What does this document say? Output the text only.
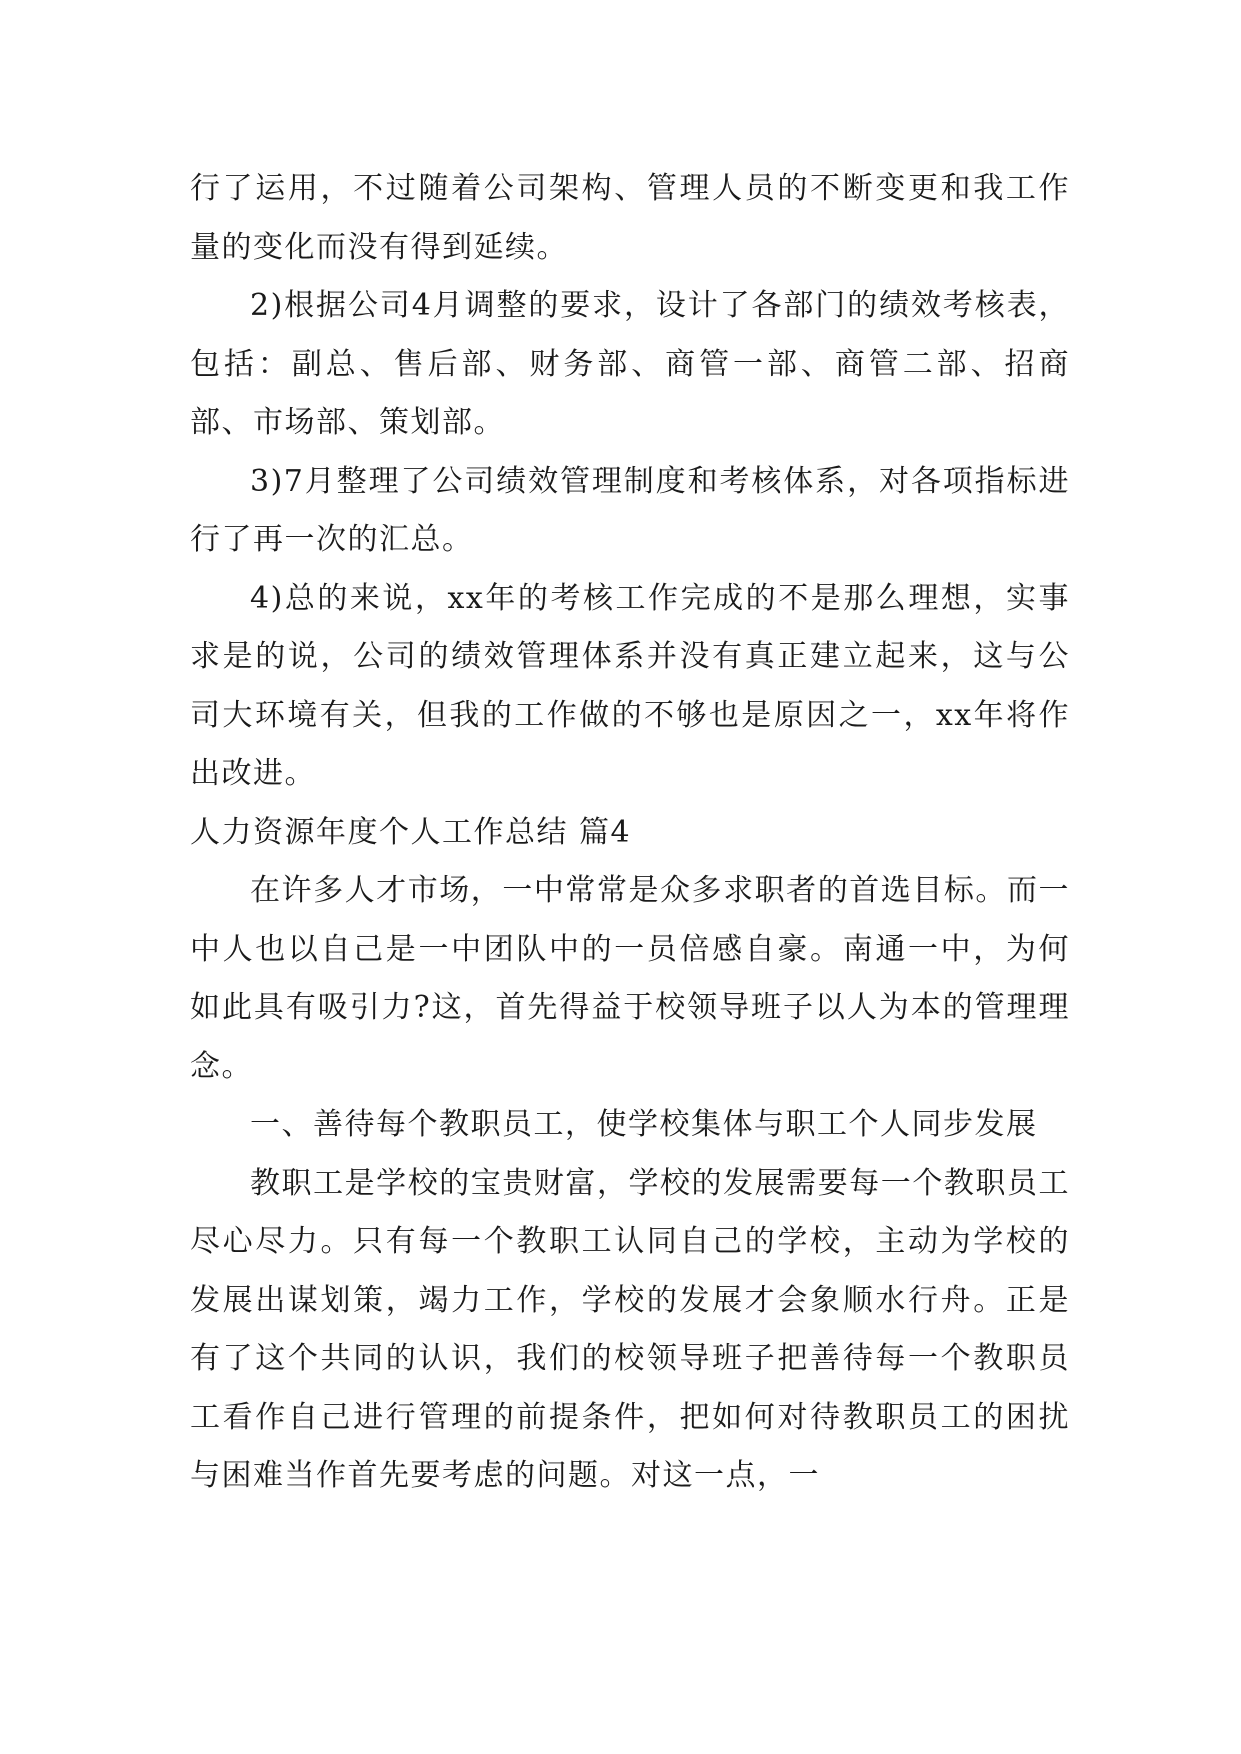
行了运用，不过随着公司架构、管理人员的不断变更和我工作量的变化而没有得到延续。

2)根据公司4月调整的要求，设计了各部门的绩效考核表，包括：副总、售后部、财务部、商管一部、商管二部、招商部、市场部、策划部。

3)7月整理了公司绩效管理制度和考核体系，对各项指标进行了再一次的汇总。

4)总的来说，xx年的考核工作完成的不是那么理想，实事求是的说，公司的绩效管理体系并没有真正建立起来，这与公司大环境有关，但我的工作做的不够也是原因之一，xx年将作出改进。

人力资源年度个人工作总结 篇4

在许多人才市场，一中常常是众多求职者的首选目标。而一中人也以自己是一中团队中的一员倍感自豪。南通一中，为何如此具有吸引力?这，首先得益于校领导班子以人为本的管理理念。

一、善待每个教职员工，使学校集体与职工个人同步发展

教职工是学校的宝贵财富，学校的发展需要每一个教职员工尽心尽力。只有每一个教职工认同自己的学校，主动为学校的发展出谋划策，竭力工作，学校的发展才会象顺水行舟。正是有了这个共同的认识，我们的校领导班子把善待每一个教职员工看作自己进行管理的前提条件，把如何对待教职员工的困扰与困难当作首先要考虑的问题。对这一点，一
